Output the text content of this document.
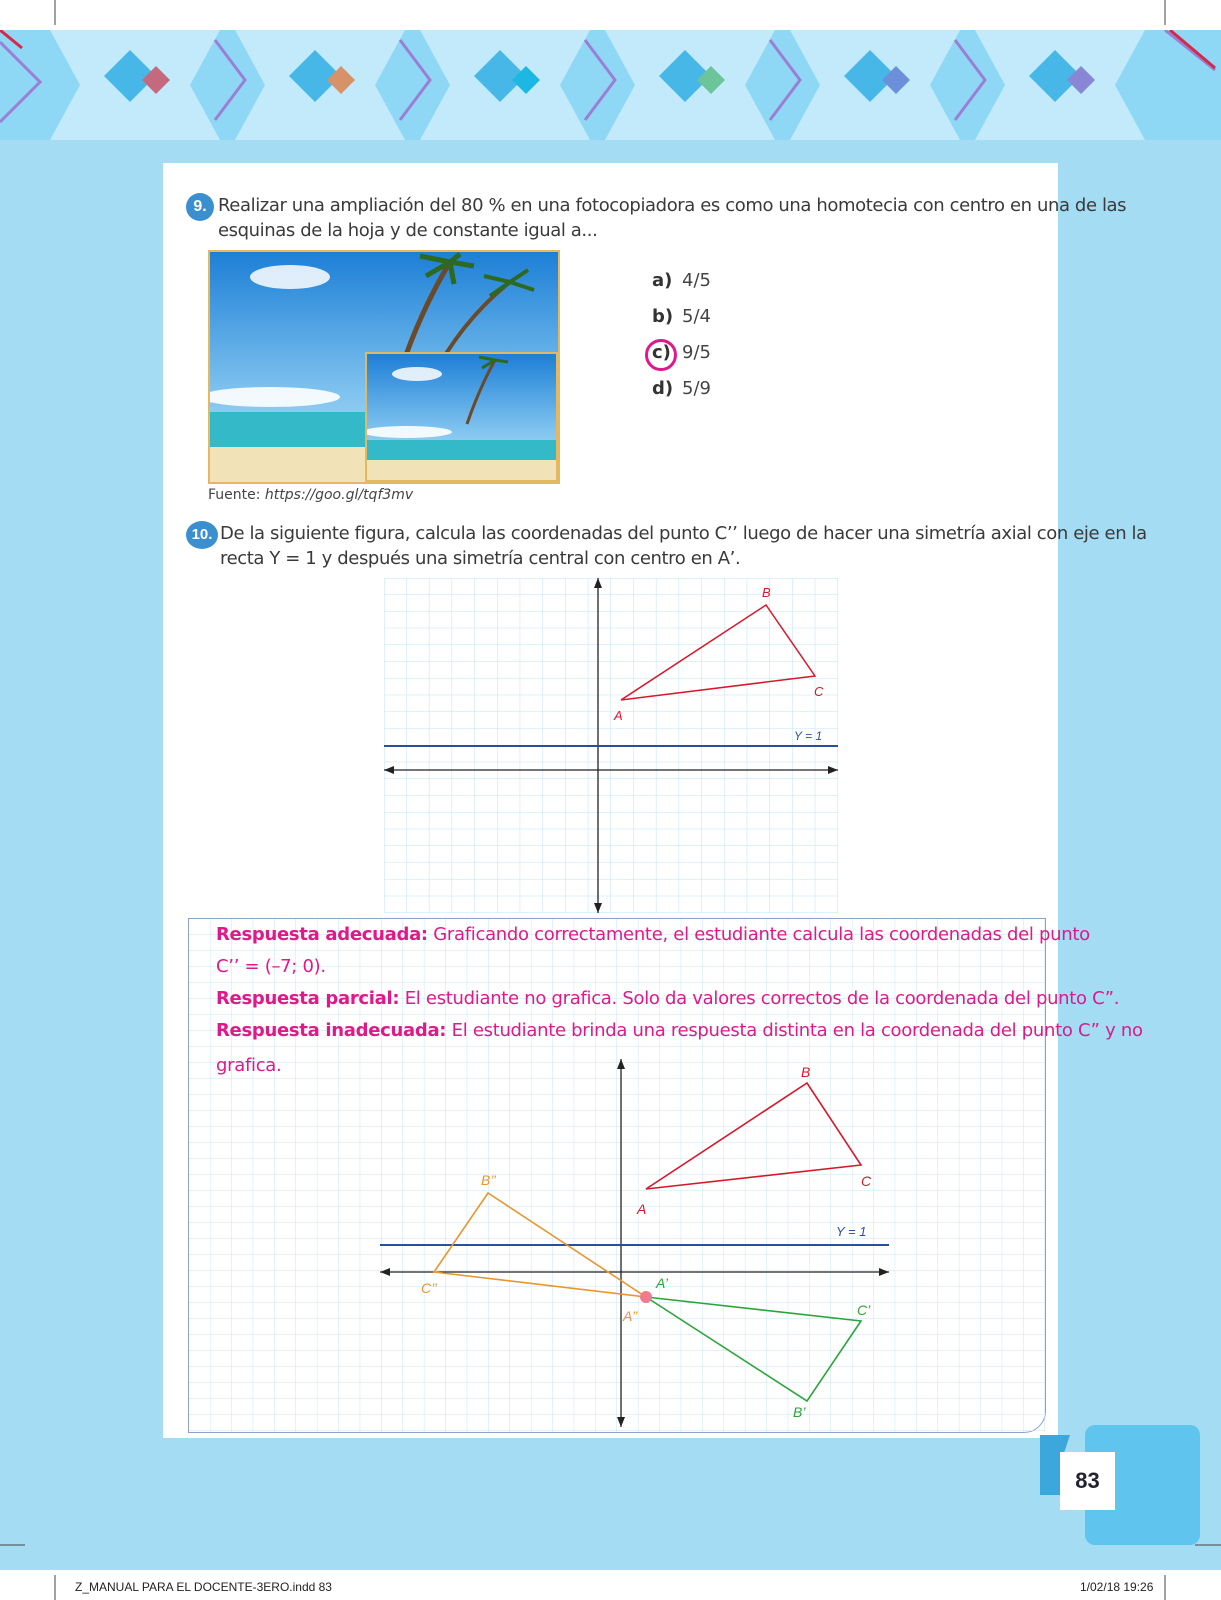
9. Realizar una ampliación del 80 % en una fotocopiadora es como una homotecia con centro en una de las
esquinas de la hoja y de constante igual a...
Fuente: https://goo.gl/tqf3mv
a) 4/5
b) 5/4
c) 9/5
d) 5/9
10. De la siguiente figura, calcula las coordenadas del punto C’’ luego de hacer una simetría axial con eje en la
recta Y = 1 y después una simetría central con centro en A’.
A
B
C
Y = 1
A
B
C
A’
C’
B’
A’’
B’’
C’’
Y = 1
Respuesta adecuada: Graficando correctamente, el estudiante calcula las coordenadas del punto
C’’ = (–7; 0).
Respuesta parcial: El estudiante no grafica. Solo da valores correctos de la coordenada del punto C”.
Respuesta inadecuada: El estudiante brinda una respuesta distinta en la coordenada del punto C” y no
grafica.
83
Z_MANUAL PARA EL DOCENTE-3ERO.indd 83	1/02/18 19:26
